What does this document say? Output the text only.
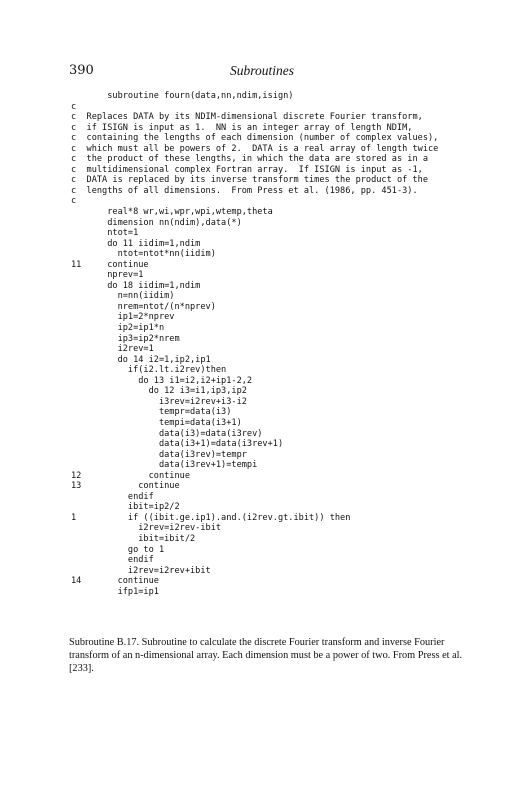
390	Subroutines
subroutine fourn(data,nn,ndim,isign)
c
c  Replaces DATA by its NDIM-dimensional discrete Fourier transform,
c  if ISIGN is input as 1.  NN is an integer array of length NDIM,
c  containing the lengths of each dimension (number of complex values),
c  which must all be powers of 2.  DATA is a real array of length twice
c  the product of these lengths, in which the data are stored as in a
c  multidimensional complex Fortran array.  If ISIGN is input as -1,
c  DATA is replaced by its inverse transform times the product of the
c  lengths of all dimensions.  From Press et al. (1986, pp. 451-3).
c
real*8 wr,wi,wpr,wpi,wtemp,theta
dimension nn(ndim),data(*)
ntot=1
do 11 iidim=1,ndim
ntot=ntot*nn(iidim)
11     continue
nprev=1
do 18 iidim=1,ndim
n=nn(iidim)
nrem=ntot/(n*nprev)
ip1=2*nprev
ip2=ip1*n
ip3=ip2*nrem
i2rev=1
do 14 i2=1,ip2,ip1
if(i2.lt.i2rev)then
do 13 i1=i2,i2+ip1-2,2
do 12 i3=i1,ip3,ip2
i3rev=i2rev+i3-i2
tempr=data(i3)
tempi=data(i3+1)
data(i3)=data(i3rev)
data(i3+1)=data(i3rev+1)
data(i3rev)=tempr
data(i3rev+1)=tempi
12             continue
13           continue
endif
ibit=ip2/2
1          if ((ibit.ge.ip1).and.(i2rev.gt.ibit)) then
i2rev=i2rev-ibit
ibit=ibit/2
go to 1
endif
i2rev=i2rev+ibit
14       continue
ifp1=ip1

Subroutine B.17. Subroutine to calculate the discrete Fourier transform and inverse Fourier transform of an n-dimensional array. Each dimension must be a power of two. From Press et al. [233].
